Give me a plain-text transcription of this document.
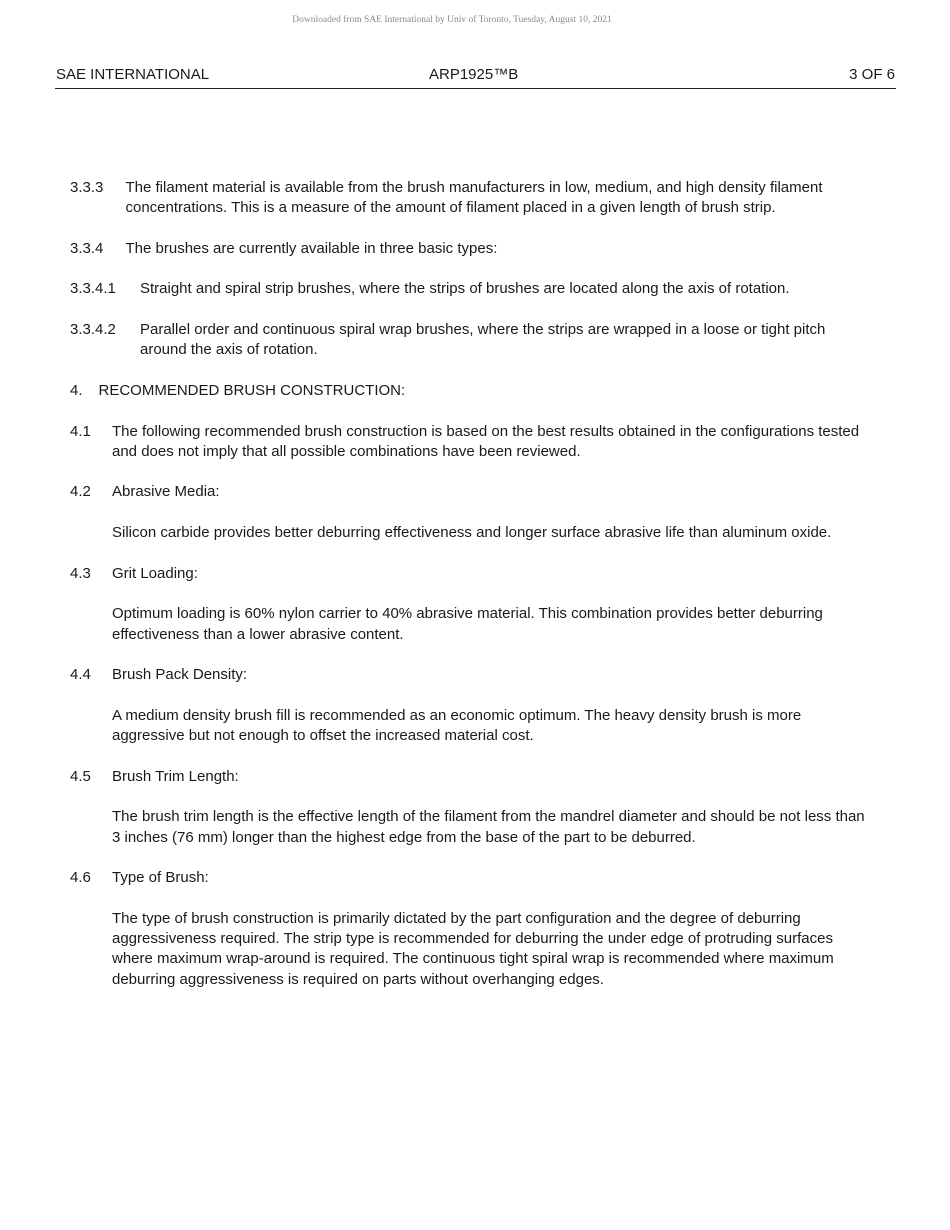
Downloaded from SAE International by Univ of Toronto, Tuesday, August 10, 2021
SAE INTERNATIONAL	ARP1925™B	3 OF 6
3.3.3	The filament material is available from the brush manufacturers in low, medium, and high density filament concentrations. This is a measure of the amount of filament placed in a given length of brush strip.
3.3.4	The brushes are currently available in three basic types:
3.3.4.1	Straight and spiral strip brushes, where the strips of brushes are located along the axis of rotation.
3.3.4.2	Parallel order and continuous spiral wrap brushes, where the strips are wrapped in a loose or tight pitch around the axis of rotation.
4.	RECOMMENDED BRUSH CONSTRUCTION:
4.1	The following recommended brush construction is based on the best results obtained in the configurations tested and does not imply that all possible combinations have been reviewed.
4.2	Abrasive Media:
Silicon carbide provides better deburring effectiveness and longer surface abrasive life than aluminum oxide.
4.3	Grit Loading:
Optimum loading is 60% nylon carrier to 40% abrasive material. This combination provides better deburring effectiveness than a lower abrasive content.
4.4	Brush Pack Density:
A medium density brush fill is recommended as an economic optimum. The heavy density brush is more aggressive but not enough to offset the increased material cost.
4.5	Brush Trim Length:
The brush trim length is the effective length of the filament from the mandrel diameter and should be not less than 3 inches (76 mm) longer than the highest edge from the base of the part to be deburred.
4.6	Type of Brush:
The type of brush construction is primarily dictated by the part configuration and the degree of deburring aggressiveness required. The strip type is recommended for deburring the under edge of protruding surfaces where maximum wrap-around is required. The continuous tight spiral wrap is recommended where maximum deburring aggressiveness is required on parts without overhanging edges.
